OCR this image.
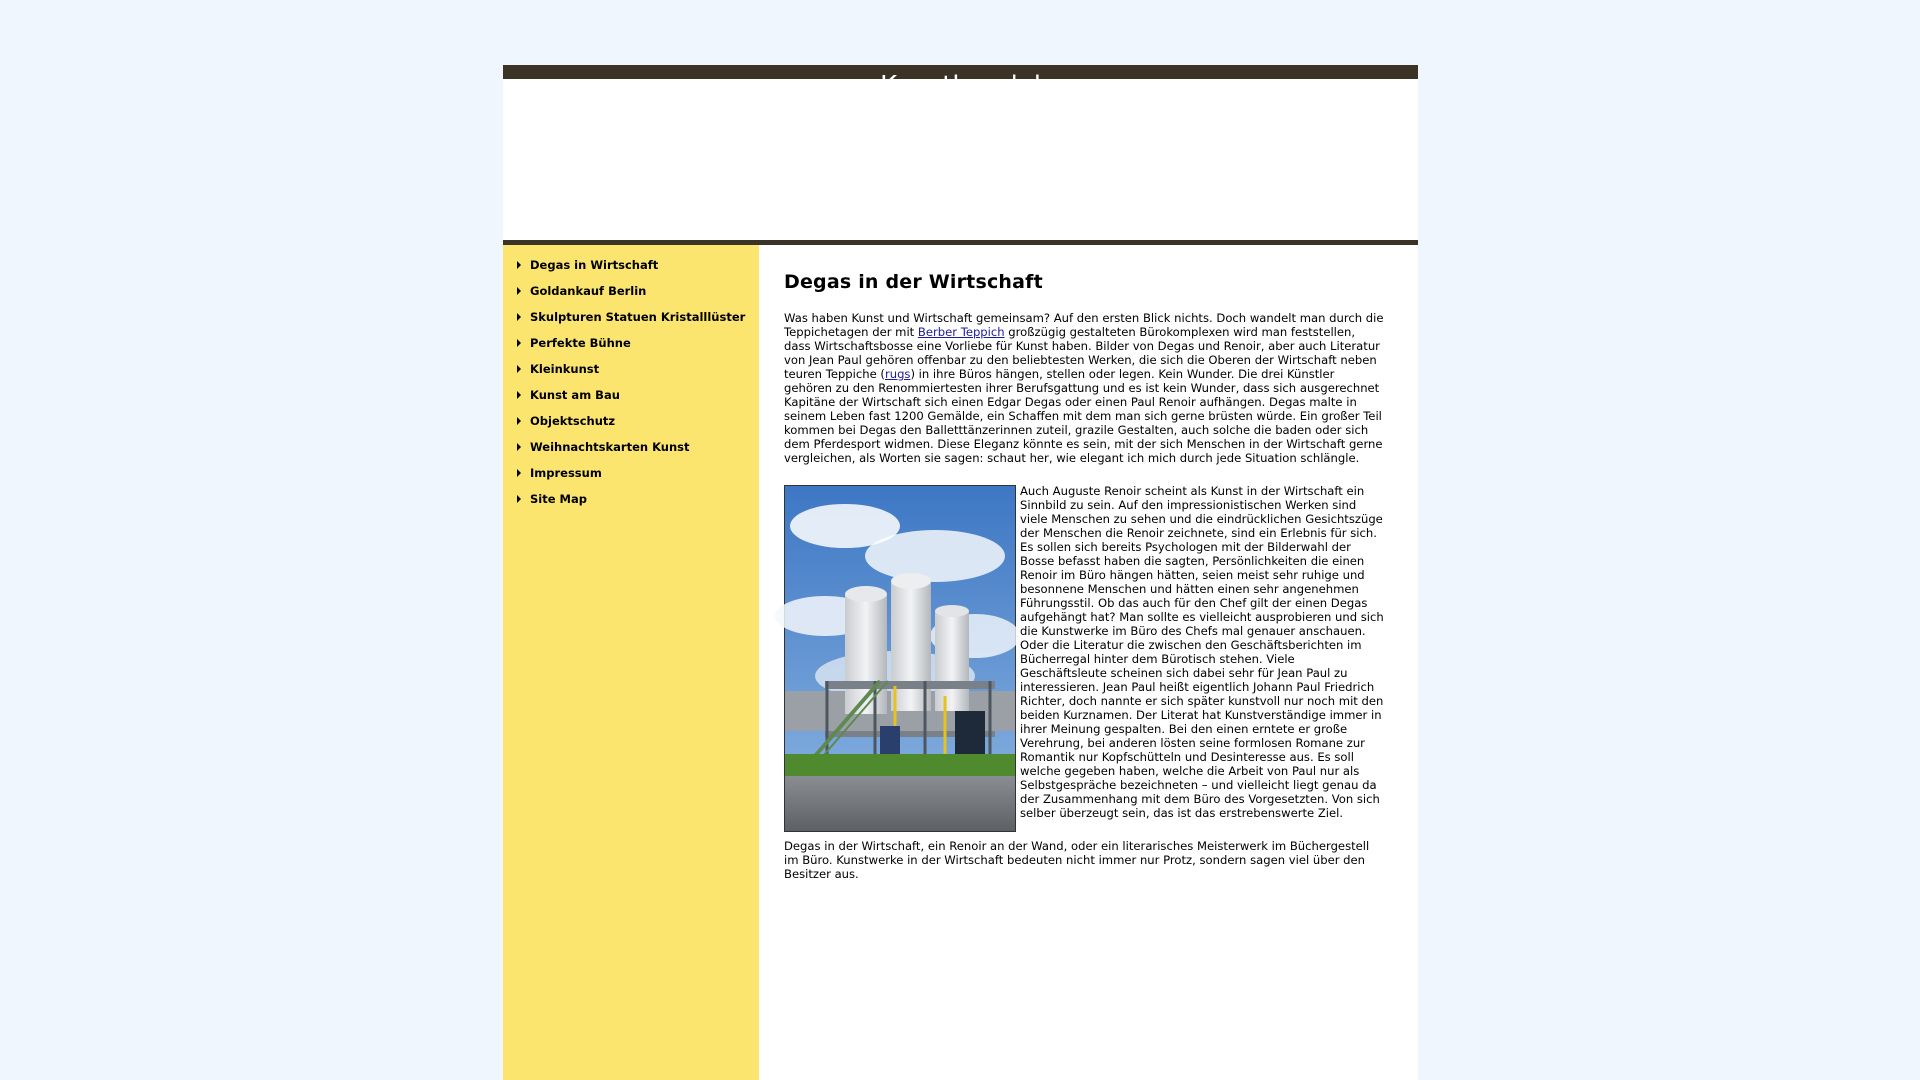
Degas in Wirtschaft
Goldankauf Berlin
Skulpturen Statuen Kristalllüster
Perfekte Bühne
Kleinkunst
Kunst am Bau
Objektschutz
Weihnachtskarten Kunst
Impressum
Site Map
Degas in der Wirtschaft

Was haben Kunst und Wirtschaft gemeinsam? Auf den ersten Blick nichts. Doch wandelt man durch die Teppichetagen der mit Berber Teppich großzügig gestalteten Bürokomplexen wird man feststellen, dass Wirtschaftsbosse eine Vorliebe für Kunst haben. Bilder von Degas und Renoir, aber auch Literatur von Jean Paul gehören offenbar zu den beliebtesten Werken, die sich die Oberen der Wirtschaft neben teuren Teppiche (rugs) in ihre Büros hängen, stellen oder legen. Kein Wunder. Die drei Künstler gehören zu den Renommiertesten ihrer Berufsgattung und es ist kein Wunder, dass sich ausgerechnet Kapitäne der Wirtschaft sich einen Edgar Degas oder einen Paul Renoir aufhängen. Degas malte in seinem Leben fast 1200 Gemälde, ein Schaffen mit dem man sich gerne brüsten würde. Ein großer Teil kommen bei Degas den Balletttänzerinnen zuteil, grazile Gestalten, auch solche die baden oder sich dem Pferdesport widmen. Diese Eleganz könnte es sein, mit der sich Menschen in der Wirtschaft gerne vergleichen, als Worten sie sagen: schaut her, wie elegant ich mich durch jede Situation schlängle.

Auch Auguste Renoir scheint als Kunst in der Wirtschaft ein Sinnbild zu sein. Auf den impressionistischen Werken sind viele Menschen zu sehen und die eindrücklichen Gesichtszüge der Menschen die Renoir zeichnete, sind ein Erlebnis für sich. Es sollen sich bereits Psychologen mit der Bilderwahl der Bosse befasst haben die sagten, Persönlichkeiten die einen Renoir im Büro hängen hätten, seien meist sehr ruhige und besonnene Menschen und hätten einen sehr angenehmen Führungsstil. Ob das auch für den Chef gilt der einen Degas aufgehängt hat? Man sollte es vielleicht ausprobieren und sich die Kunstwerke im Büro des Chefs mal genauer anschauen. Oder die Literatur die zwischen den Geschäftsberichten im Bücherregal hinter dem Bürotisch stehen. Viele Geschäftsleute scheinen sich dabei sehr für Jean Paul zu interessieren. Jean Paul heißt eigentlich Johann Paul Friedrich Richter, doch nannte er sich später kunstvoll nur noch mit den beiden Kurznamen. Der Literat hat Kunstverständige immer in ihrer Meinung gespalten. Bei den einen erntete er große Verehrung, bei anderen lösten seine formlosen Romane zur Romantik nur Kopfschütteln und Desinteresse aus. Es soll welche gegeben haben, welche die Arbeit von Paul nur als Selbstgespräche bezeichneten – und vielleicht liegt genau da der Zusammenhang mit dem Büro des Vorgesetzten. Von sich selber überzeugt sein, das ist das erstrebenswerte Ziel.

Degas in der Wirtschaft, ein Renoir an der Wand, oder ein literarisches Meisterwerk im Büchergestell im Büro. Kunstwerke in der Wirtschaft bedeuten nicht immer nur Protz, sondern sagen viel über den Besitzer aus.
